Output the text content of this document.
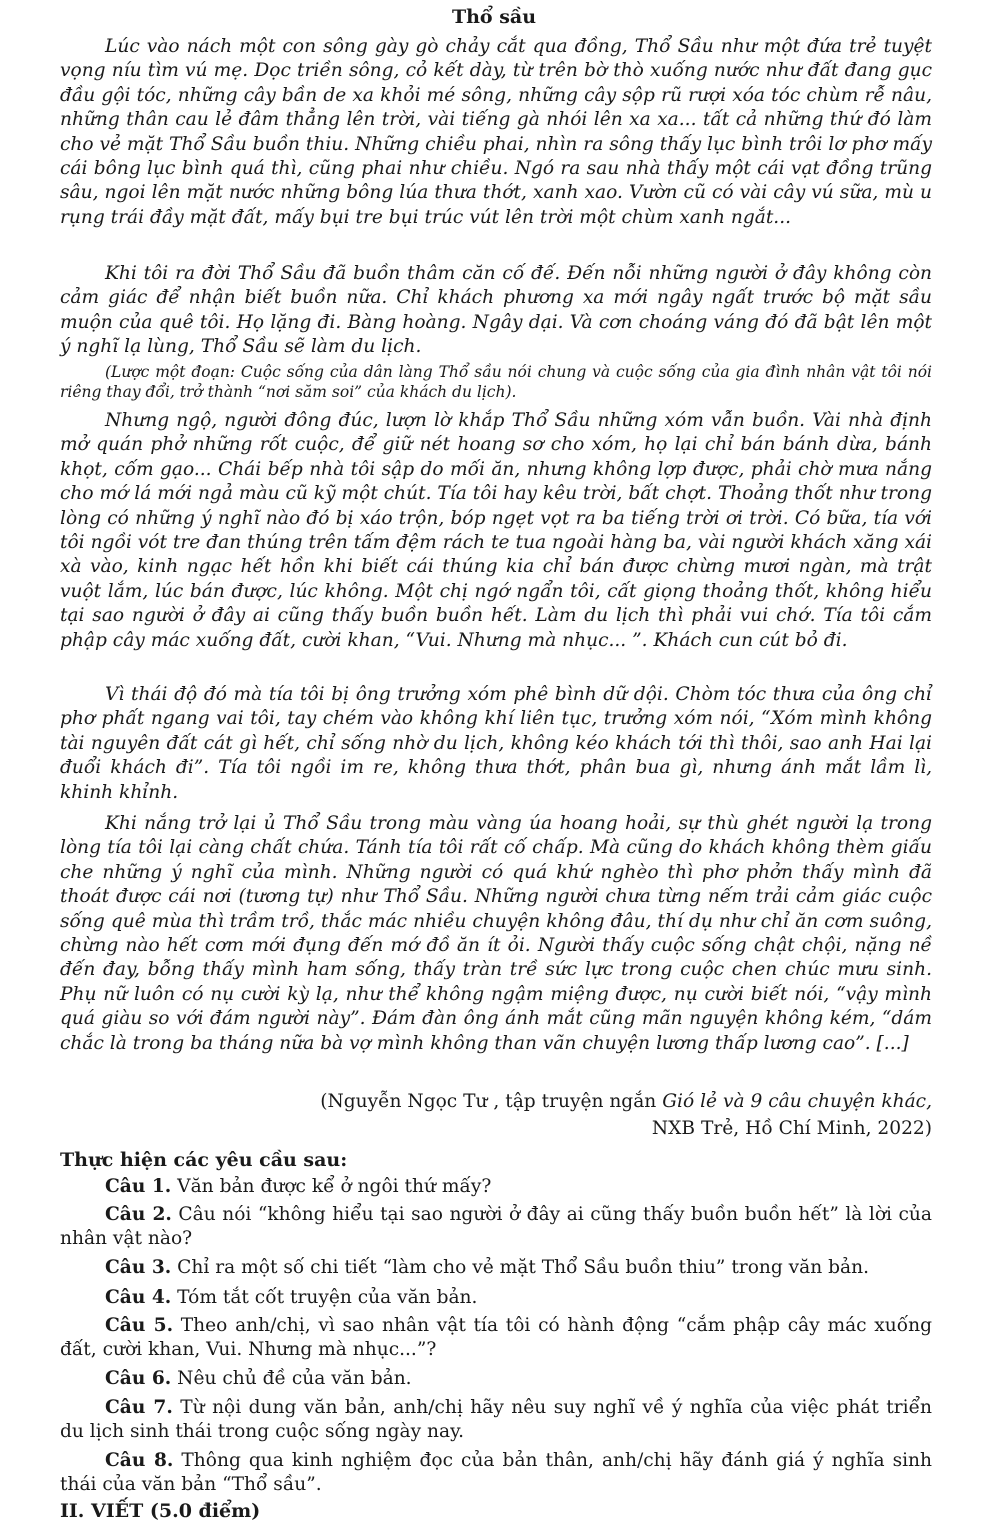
Thổ sầu

Lúc vào nách một con sông gày gò chảy cắt qua đồng, Thổ Sầu như một đứa trẻ tuyệt vọng níu tìm vú mẹ. Dọc triền sông, cỏ kết dày, từ trên bờ thò xuống nước như đất đang gục đầu gội tóc, những cây bần de xa khỏi mé sông, những cây sộp rũ rượi xóa tóc chùm rễ nâu, những thân cau lẻ đâm thẳng lên trời, vài tiếng gà nhói lên xa xa... tất cả những thứ đó làm cho vẻ mặt Thổ Sầu buồn thiu. Những chiều phai, nhìn ra sông thấy lục bình trôi lơ phơ mấy cái bông lục bình quá thì, cũng phai như chiều. Ngó ra sau nhà thấy một cái vạt đồng trũng sâu, ngoi lên mặt nước những bông lúa thưa thớt, xanh xao. Vườn cũ có vài cây vú sữa, mù u rụng trái đầy mặt đất, mấy bụi tre bụi trúc vút lên trời một chùm xanh ngắt...

Khi tôi ra đời Thổ Sầu đã buồn thâm căn cố đế. Đến nỗi những người ở đây không còn cảm giác để nhận biết buồn nữa. Chỉ khách phương xa mới ngây ngất trước bộ mặt sầu muộn của quê tôi. Họ lặng đi. Bàng hoàng. Ngây dại. Và cơn choáng váng đó đã bật lên một ý nghĩ lạ lùng, Thổ Sầu sẽ làm du lịch.

(Lược một đoạn: Cuộc sống của dân làng Thổ sầu nói chung và cuộc sống của gia đình nhân vật tôi nói riêng thay đổi, trở thành “nơi săm soi” của khách du lịch).

Nhưng ngộ, người đông đúc, lượn lờ khắp Thổ Sầu những xóm vẫn buồn. Vài nhà định mở quán phở những rốt cuộc, để giữ nét hoang sơ cho xóm, họ lại chỉ bán bánh dừa, bánh khọt, cốm gạo... Chái bếp nhà tôi sập do mối ăn, nhưng không lợp được, phải chờ mưa nắng cho mớ lá mới ngả màu cũ kỹ một chút. Tía tôi hay kêu trời, bất chợt. Thoảng thốt như trong lòng có những ý nghĩ nào đó bị xáo trộn, bóp ngẹt vọt ra ba tiếng trời ơi trời. Có bữa, tía với tôi ngồi vót tre đan thúng trên tấm đệm rách te tua ngoài hàng ba, vài người khách xăng xái xà vào, kinh ngạc hết hồn khi biết cái thúng kia chỉ bán được chừng mươi ngàn, mà trật vuột lắm, lúc bán được, lúc không. Một chị ngớ ngẩn tôi, cất giọng thoảng thốt, không hiểu tại sao người ở đây ai cũng thấy buồn buồn hết. Làm du lịch thì phải vui chớ. Tía tôi cắm phập cây mác xuống đất, cười khan, “Vui. Nhưng mà nhục... ”. Khách cun cút bỏ đi.

Vì thái độ đó mà tía tôi bị ông trưởng xóm phê bình dữ dội. Chòm tóc thưa của ông chỉ phơ phất ngang vai tôi, tay chém vào không khí liên tục, trưởng xóm nói, “Xóm mình không tài nguyên đất cát gì hết, chỉ sống nhờ du lịch, không kéo khách tới thì thôi, sao anh Hai lại đuổi khách đi”. Tía tôi ngồi im re, không thưa thớt, phân bua gì, nhưng ánh mắt lầm lì, khinh khỉnh.

Khi nắng trở lại ủ Thổ Sầu trong màu vàng úa hoang hoải, sự thù ghét người lạ trong lòng tía tôi lại càng chất chứa. Tánh tía tôi rất cố chấp. Mà cũng do khách không thèm giấu che những ý nghĩ của mình. Những người có quá khứ nghèo thì phơ phởn thấy mình đã thoát được cái nơi (tương tự) như Thổ Sầu. Những người chưa từng nếm trải cảm giác cuộc sống quê mùa thì trầm trồ, thắc mác nhiều chuyện không đâu, thí dụ như chỉ ăn cơm suông, chừng nào hết cơm mới đụng đến mớ đồ ăn ít ỏi. Người thấy cuộc sống chật chội, nặng nề đến đay, bỗng thấy mình ham sống, thấy tràn trề sức lực trong cuộc chen chúc mưu sinh. Phụ nữ luôn có nụ cười kỳ lạ, như thể không ngậm miệng được, nụ cười biết nói, “vậy mình quá giàu so với đám người này”. Đám đàn ông ánh mắt cũng mãn nguyện không kém, “dám chắc là trong ba tháng nữa bà vợ mình không than vãn chuyện lương thấp lương cao”. [...]

(Nguyễn Ngọc Tư , tập truyện ngắn Gió lẻ và 9 câu chuyện khác,

NXB Trẻ, Hồ Chí Minh, 2022)

Thực hiện các yêu cầu sau:

Câu 1. Văn bản được kể ở ngôi thứ mấy?

Câu 2. Câu nói “không hiểu tại sao người ở đây ai cũng thấy buồn buồn hết” là lời của nhân vật nào?

Câu 3. Chỉ ra một số chi tiết “làm cho vẻ mặt Thổ Sầu buồn thiu” trong văn bản.

Câu 4. Tóm tắt cốt truyện của văn bản.

Câu 5. Theo anh/chị, vì sao nhân vật tía tôi có hành động “cắm phập cây mác xuống đất, cười khan, Vui. Nhưng mà nhục...”?

Câu 6. Nêu chủ đề của văn bản.

Câu 7. Từ nội dung văn bản, anh/chị hãy nêu suy nghĩ về ý nghĩa của việc phát triển du lịch sinh thái trong cuộc sống ngày nay.

Câu 8. Thông qua kinh nghiệm đọc của bản thân, anh/chị hãy đánh giá ý nghĩa sinh thái của văn bản “Thổ sầu”.

II. VIẾT (5.0 điểm)
